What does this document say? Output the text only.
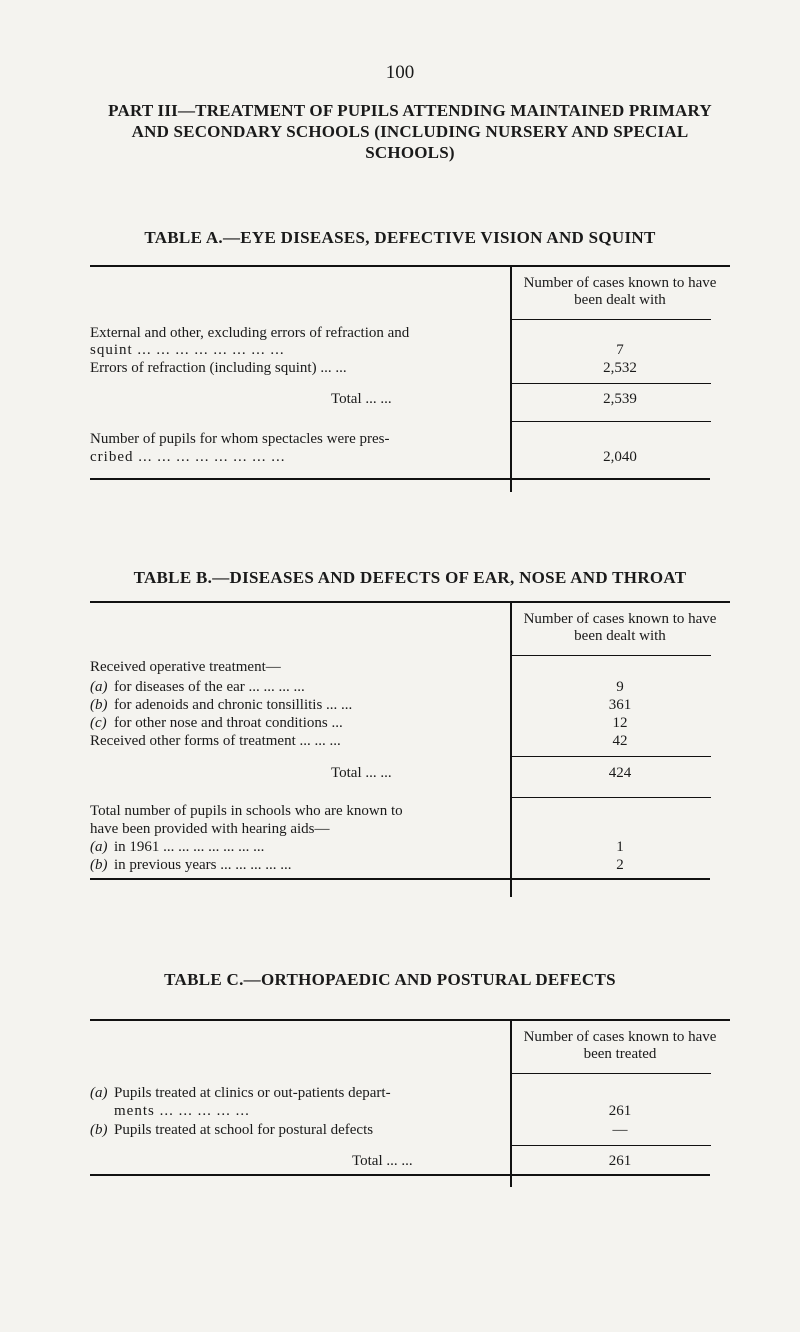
100
PART III—TREATMENT OF PUPILS ATTENDING MAINTAINED PRIMARY AND SECONDARY SCHOOLS (INCLUDING NURSERY AND SPECIAL SCHOOLS)
TABLE A.—EYE DISEASES, DEFECTIVE VISION AND SQUINT
Number of cases known to have been dealt with
External and other, excluding errors of refraction and
squint ... ... ... ... ... ... ... ...	7
Errors of refraction (including squint) ... ...	2,532
Total ... ...	2,539
Number of pupils for whom spectacles were pres-
cribed ... ... ... ... ... ... ... ...	2,040
TABLE B.—DISEASES AND DEFECTS OF EAR, NOSE AND THROAT
Number of cases known to have been dealt with
Received operative treatment—
(a) for diseases of the ear ... ... ... ...	9
(b) for adenoids and chronic tonsillitis ... ...	361
(c) for other nose and throat conditions ...	12
Received other forms of treatment ... ... ...	42
Total ... ...	424
Total number of pupils in schools who are known to
have been provided with hearing aids—
(a) in 1961 ... ... ... ... ... ... ...	1
(b) in previous years ... ... ... ... ...	2
TABLE C.—ORTHOPAEDIC AND POSTURAL DEFECTS
Number of cases known to have been treated
(a) Pupils treated at clinics or out-patients depart-
ments ... ... ... ... ...	261
(b) Pupils treated at school for postural defects	—
Total ... ...	261
